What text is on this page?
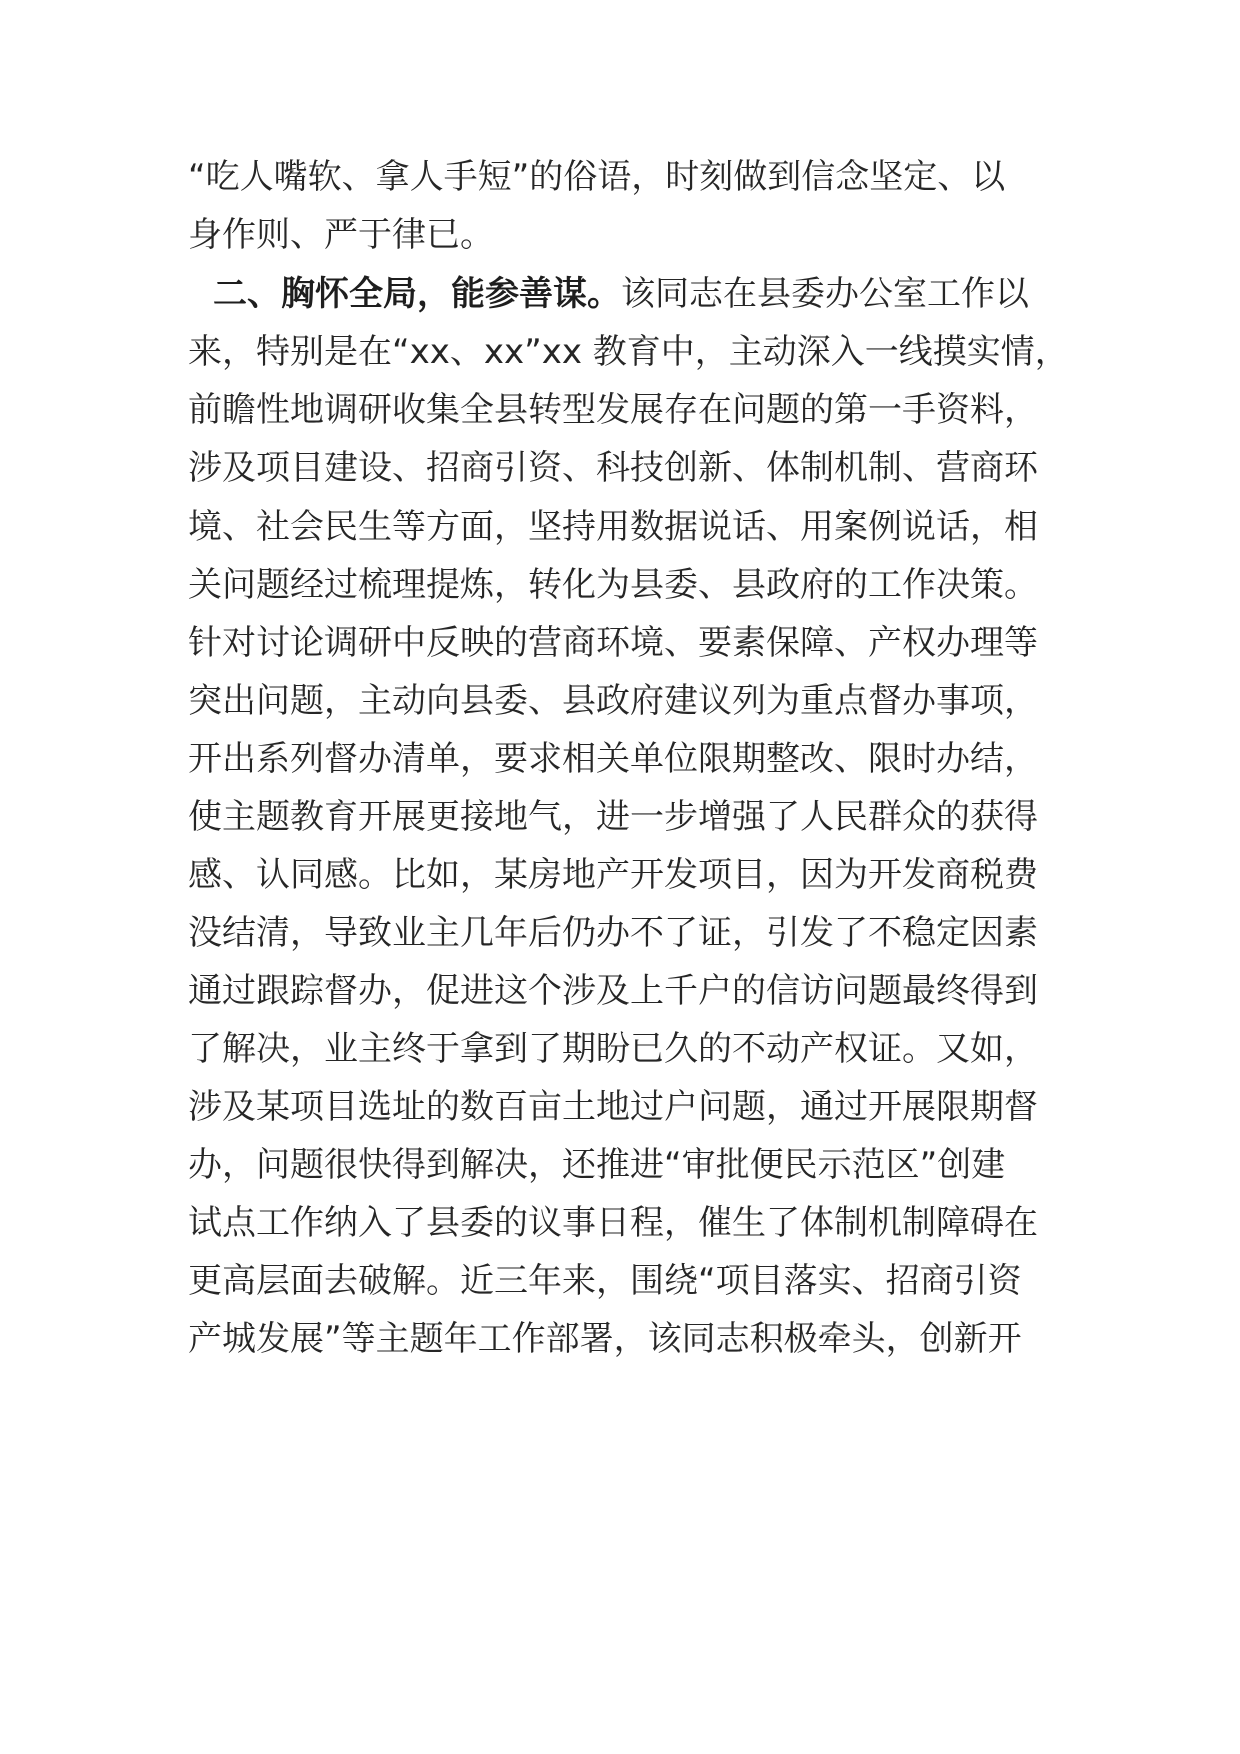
“吃人嘴软、拿人手短”的俗语，时刻做到信念坚定、以
身作则、严于律已。
二、胸怀全局，能参善谋。该同志在县委办公室工作以
来，特别是在“xx、xx”xx 教育中，主动深入一线摸实情，
前瞻性地调研收集全县转型发展存在问题的第一手资料，
涉及项目建设、招商引资、科技创新、体制机制、营商环
境、社会民生等方面，坚持用数据说话、用案例说话，相
关问题经过梳理提炼，转化为县委、县政府的工作决策。
针对讨论调研中反映的营商环境、要素保障、产权办理等
突出问题，主动向县委、县政府建议列为重点督办事项，
开出系列督办清单，要求相关单位限期整改、限时办结，
使主题教育开展更接地气，进一步增强了人民群众的获得
感、认同感。比如，某房地产开发项目，因为开发商税费
没结清，导致业主几年后仍办不了证，引发了不稳定因素
通过跟踪督办，促进这个涉及上千户的信访问题最终得到
了解决，业主终于拿到了期盼已久的不动产权证。又如，
涉及某项目选址的数百亩土地过户问题，通过开展限期督
办，问题很快得到解决，还推进“审批便民示范区”创建
试点工作纳入了县委的议事日程，催生了体制机制障碍在
更高层面去破解。近三年来，围绕“项目落实、招商引资
产城发展”等主题年工作部署，该同志积极牵头，创新开
